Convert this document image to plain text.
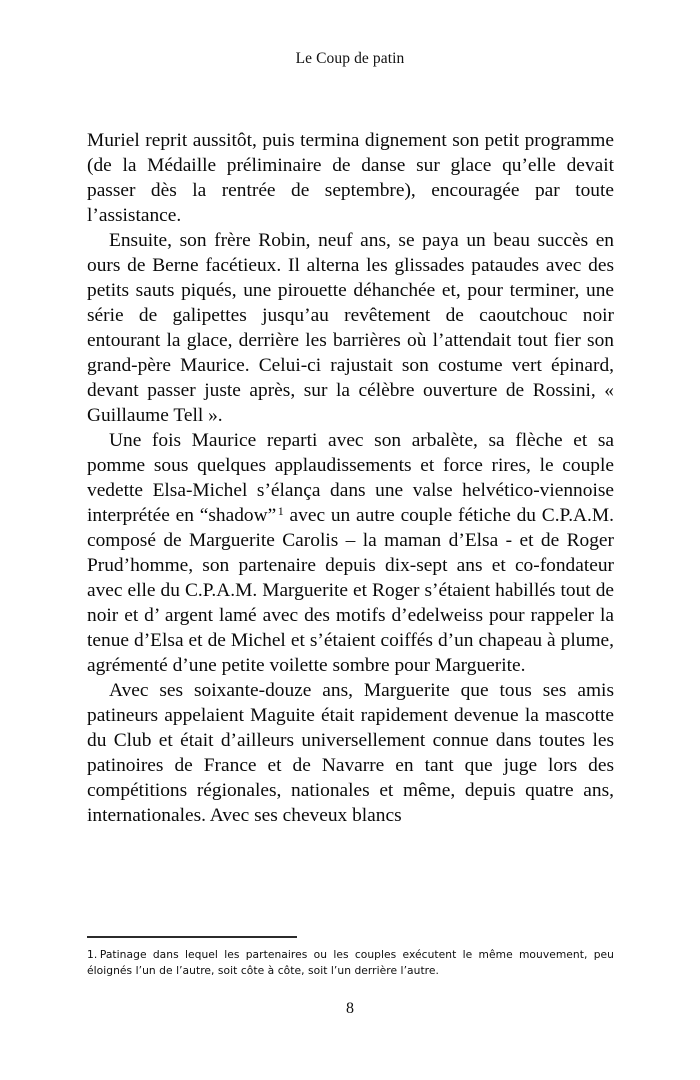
Le Coup de patin

Muriel reprit aussitôt, puis termina dignement son petit programme (de la Médaille préliminaire de danse sur glace qu’elle devait passer dès la rentrée de septembre), encouragée par toute l’assistance.

Ensuite, son frère Robin, neuf ans, se paya un beau succès en ours de Berne facétieux. Il alterna les glissades pataudes avec des petits sauts piqués, une pirouette déhanchée et, pour terminer, une série de galipettes jusqu’au revêtement de caoutchouc noir entourant la glace, derrière les barrières où l’attendait tout fier son grand-père Maurice. Celui-ci rajustait son costume vert épinard, devant passer juste après, sur la célèbre ouverture de Rossini, « Guillaume Tell ».

Une fois Maurice reparti avec son arbalète, sa flèche et sa pomme sous quelques applaudissements et force rires, le couple vedette Elsa-Michel s’élança dans une valse helvético-viennoise interprétée en “shadow” $^1$ avec un autre couple fétiche du C.P.A.M. composé de Marguerite Carolis – la maman d’Elsa - et de Roger Prud’homme, son partenaire depuis dix-sept ans et co-fondateur avec elle du C.P.A.M. Marguerite et Roger s’étaient habillés tout de noir et d’ argent lamé avec des motifs d’edelweiss pour rappeler la tenue d’Elsa et de Michel et s’étaient coiffés d’un chapeau à plume, agrémenté d’une petite voilette sombre pour Marguerite.

Avec ses soixante-douze ans, Marguerite que tous ses amis patineurs appelaient Maguite était rapidement devenue la mascotte du Club et était d’ailleurs universellement connue dans toutes les patinoires de France et de Navarre en tant que juge lors des compétitions régionales, nationales et même, depuis quatre ans, internationales. Avec ses cheveux blancs

1. Patinage dans lequel les partenaires ou les couples exécutent le même mouvement, peu éloignés l’un de l’autre, soit côte à côte, soit l’un derrière l’autre.

8
